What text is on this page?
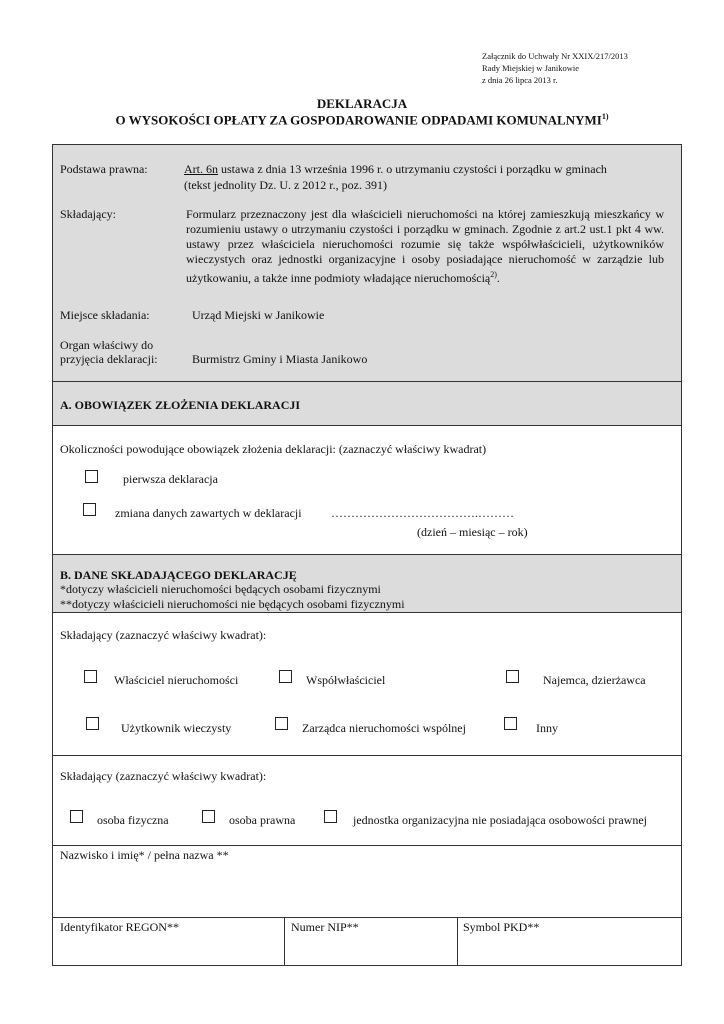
Załącznik do Uchwały Nr XXIX/217/2013
Rady Miejskiej w Janikowie
z dnia 26 lipca 2013 r.
DEKLARACJA
O WYSOKOŚCI OPŁATY ZA GOSPODAROWANIE ODPADAMI KOMUNALNYMI$^{1)}$
Podstawa prawna:	Art. 6n ustawa z dnia 13 września 1996 r. o utrzymaniu czystości i porządku w gminach
(tekst jednolity Dz. U. z 2012 r., poz. 391)
Składający:	Formularz przeznaczony jest dla właścicieli nieruchomości na której zamieszkują mieszkańcy w rozumieniu ustawy o utrzymaniu czystości i porządku w gminach. Zgodnie z art.2 ust.1 pkt 4 ww. ustawy przez właściciela nieruchomości rozumie się także współwłaścicieli, użytkowników wieczystych oraz jednostki organizacyjne i osoby posiadające nieruchomość w zarządzie lub użytkowaniu, a także inne podmioty władające nieruchomością$^{2)}$.
Miejsce składania:	Urząd Miejski w Janikowie
Organ właściwy do
przyjęcia deklaracji:	Burmistrz Gminy i Miasta Janikowo
A. OBOWIĄZEK ZŁOŻENIA DEKLARACJI
Okoliczności powodujące obowiązek złożenia deklaracji: (zaznaczyć właściwy kwadrat)
pierwsza deklaracja
zmiana danych zawartych w deklaracji ……………………………….………
(dzień – miesiąc – rok)
B. DANE SKŁADAJĄCEGO DEKLARACJĘ
*dotyczy właścicieli nieruchomości będących osobami fizycznymi
**dotyczy właścicieli nieruchomości nie będących osobami fizycznymi
Składający (zaznaczyć właściwy kwadrat):
Właściciel nieruchomości	Współwłaściciel	Najemca, dzierżawca
Użytkownik wieczysty	Zarządca nieruchomości wspólnej	Inny
Składający (zaznaczyć właściwy kwadrat):
osoba fizyczna	osoba prawna	jednostka organizacyjna nie posiadająca osobowości prawnej
Nazwisko i imię* / pełna nazwa **
Identyfikator REGON**	Numer NIP**	Symbol PKD**
